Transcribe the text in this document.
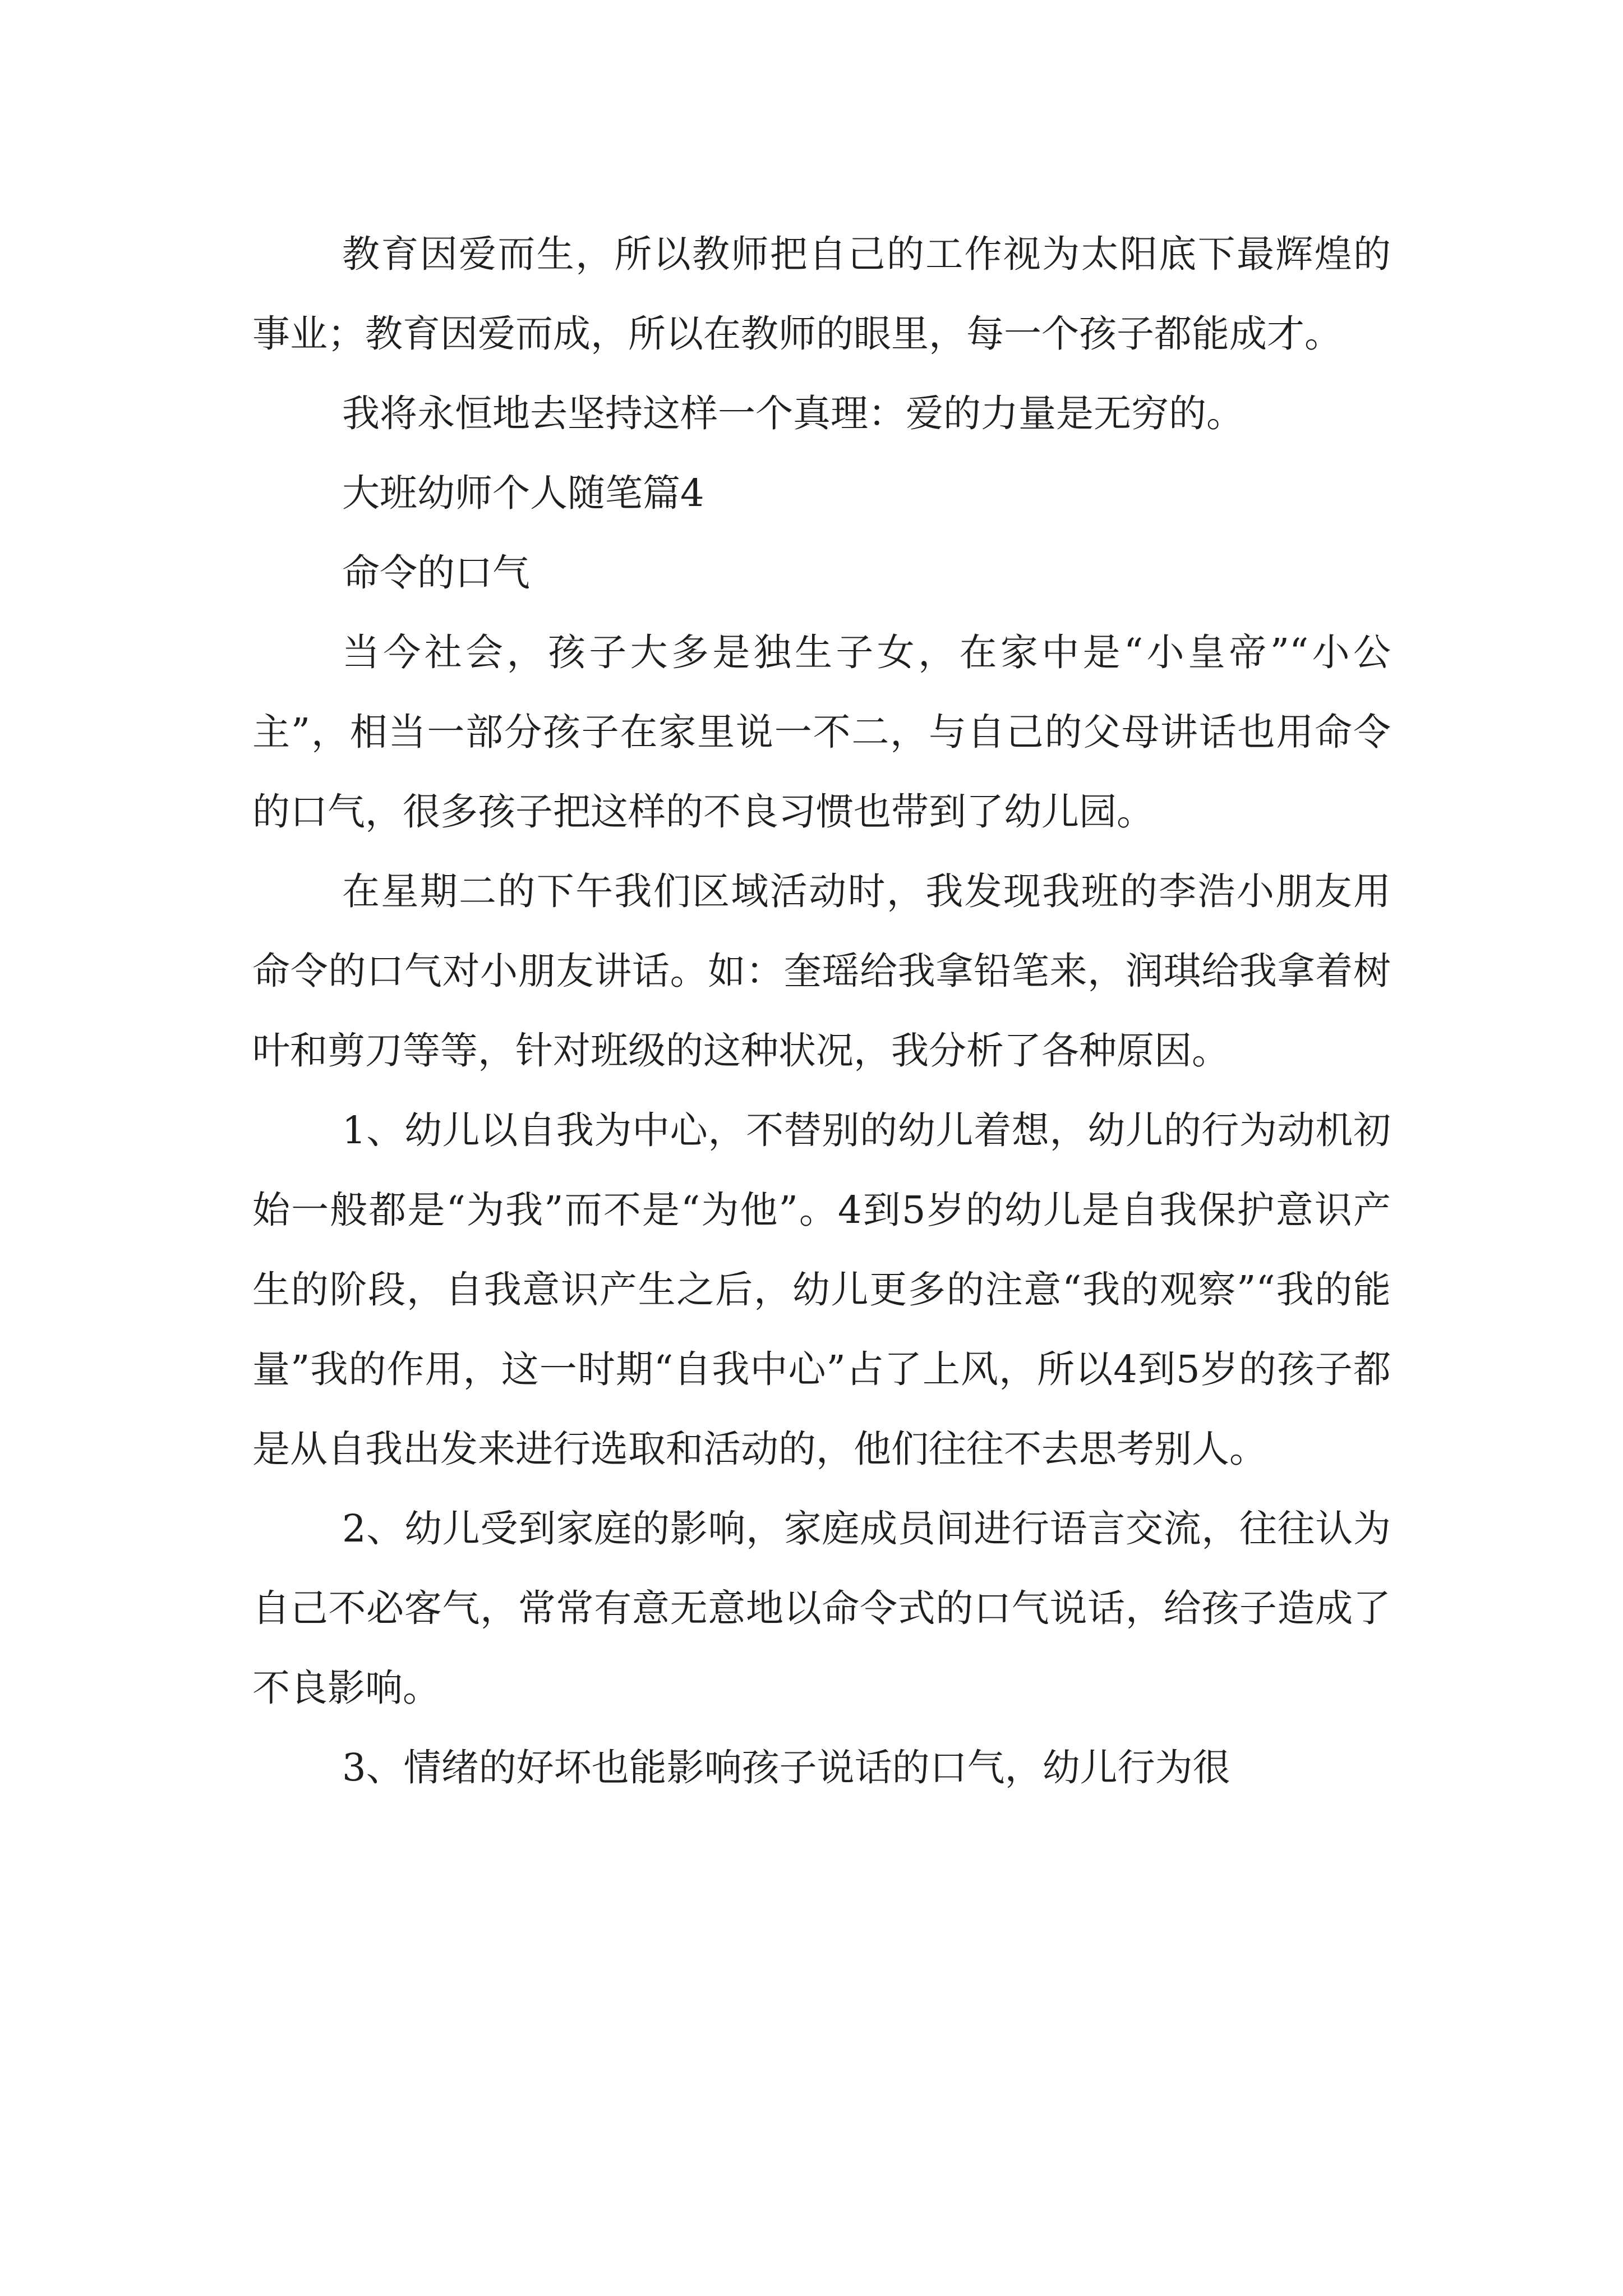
教育因爱而生，所以教师把自己的工作视为太阳底下最辉煌的事业；教育因爱而成，所以在教师的眼里，每一个孩子都能成才。

我将永恒地去坚持这样一个真理：爱的力量是无穷的。

大班幼师个人随笔篇4

命令的口气

当今社会，孩子大多是独生子女，在家中是“小皇帝”“小公主”，相当一部分孩子在家里说一不二，与自己的父母讲话也用命令的口气，很多孩子把这样的不良习惯也带到了幼儿园。

在星期二的下午我们区域活动时，我发现我班的李浩小朋友用命令的口气对小朋友讲话。如：奎瑶给我拿铅笔来，润琪给我拿着树叶和剪刀等等，针对班级的这种状况，我分析了各种原因。

1、幼儿以自我为中心，不替别的幼儿着想，幼儿的行为动机初始一般都是“为我”而不是“为他”。4到5岁的幼儿是自我保护意识产生的阶段，自我意识产生之后，幼儿更多的注意“我的观察”“我的能量”我的作用，这一时期“自我中心”占了上风，所以4到5岁的孩子都是从自我出发来进行选取和活动的，他们往往不去思考别人。

2、幼儿受到家庭的影响，家庭成员间进行语言交流，往往认为自己不必客气，常常有意无意地以命令式的口气说话，给孩子造成了不良影响。

3、情绪的好坏也能影响孩子说话的口气，幼儿行为很
